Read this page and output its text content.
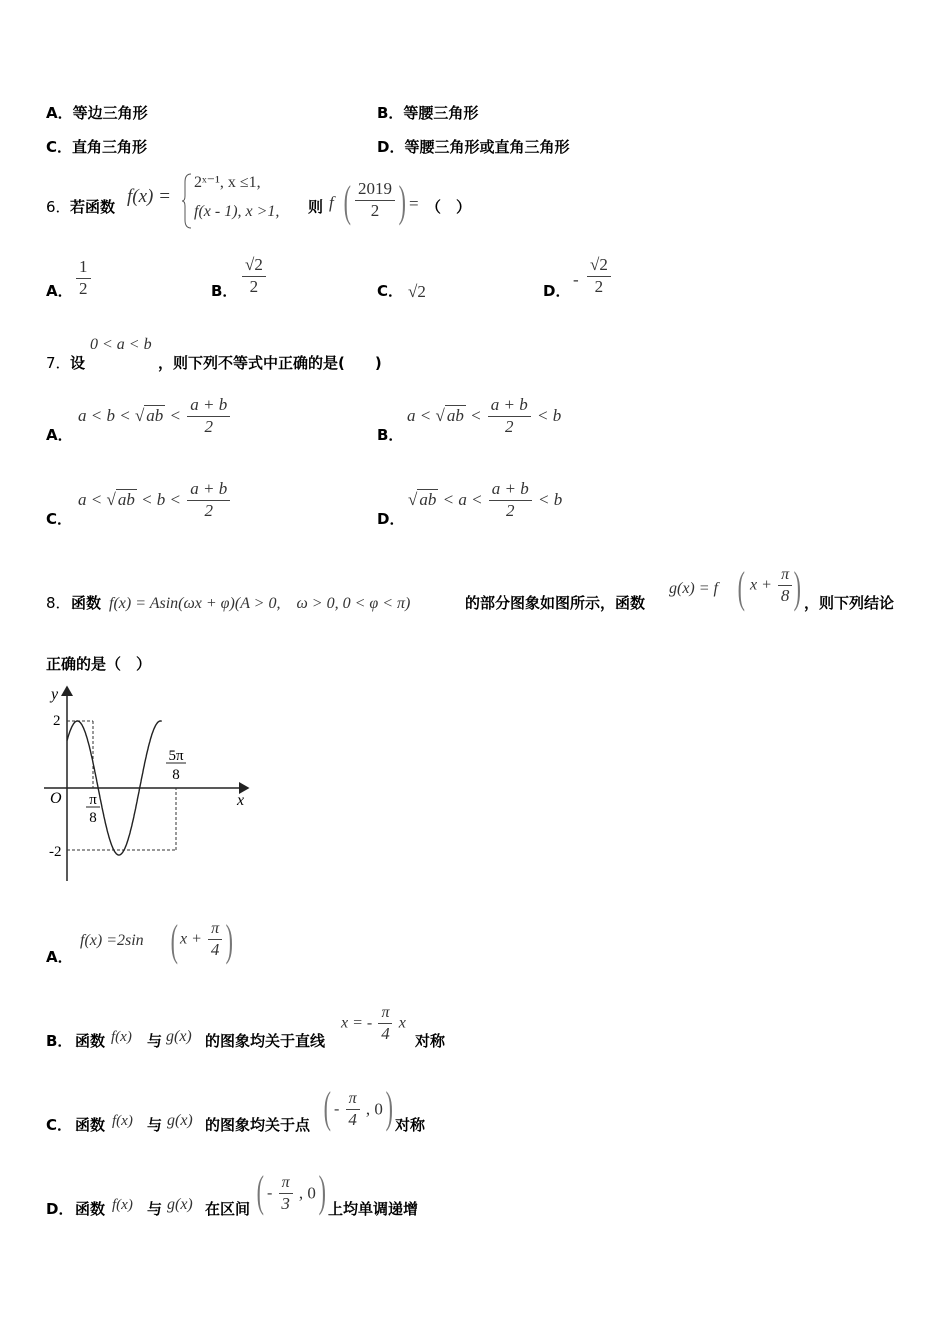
A．等边三角形	B．等腰三角形
C．直角三角形	D．等腰三角形或直角三角形
6． 若函数 f(x) =
2ˣ⁻¹, x ≤1,
f(x - 1), x >1, 则 f ( $\frac{2019}{2}$ ) = （　）
A． $\frac{1}{2}$	B． $\frac{√2}{2}$	C． √2	D．
- $\frac{√2}{2}$
7． 设
0 < a < b
，则下列不等式中正确的是(　　)
A．
a < b < √ ab < $\frac{a + b}{2}$	B．
a < √ ab < $\frac{a + b}{2} < b$
C．
a < √ ab < $b < \frac{a + b}{2}$	D．
√ ab < $a < \frac{a + b}{2} < b$
8． 函数 f(x) = Asin(ωx + φ)(A > 0,　ω > 0, 0 < φ < π)	的部分图象如图所示，函数
g(x) = f ( $x + \frac{\pi}{8}$ ) ，则下列结论
正确的是（　）
y
x
O
2
-2
π
8
5π
8
A．
f(x) =2sin ( $x + \frac{\pi}{4}$ )
B． 函数 f(x) 与 g(x) 的图象均关于直线
x = - $\frac{\pi}{4}$ x
对称
C． 函数 f(x) 与 g(x) 的图象均关于点 ( - $\frac{\pi}{4}$ , 0 ) 对称
D． 函数 f(x) 与 g(x) 在区间 ( - $\frac{\pi}{3}$ , 0 ) 上均单调递增
